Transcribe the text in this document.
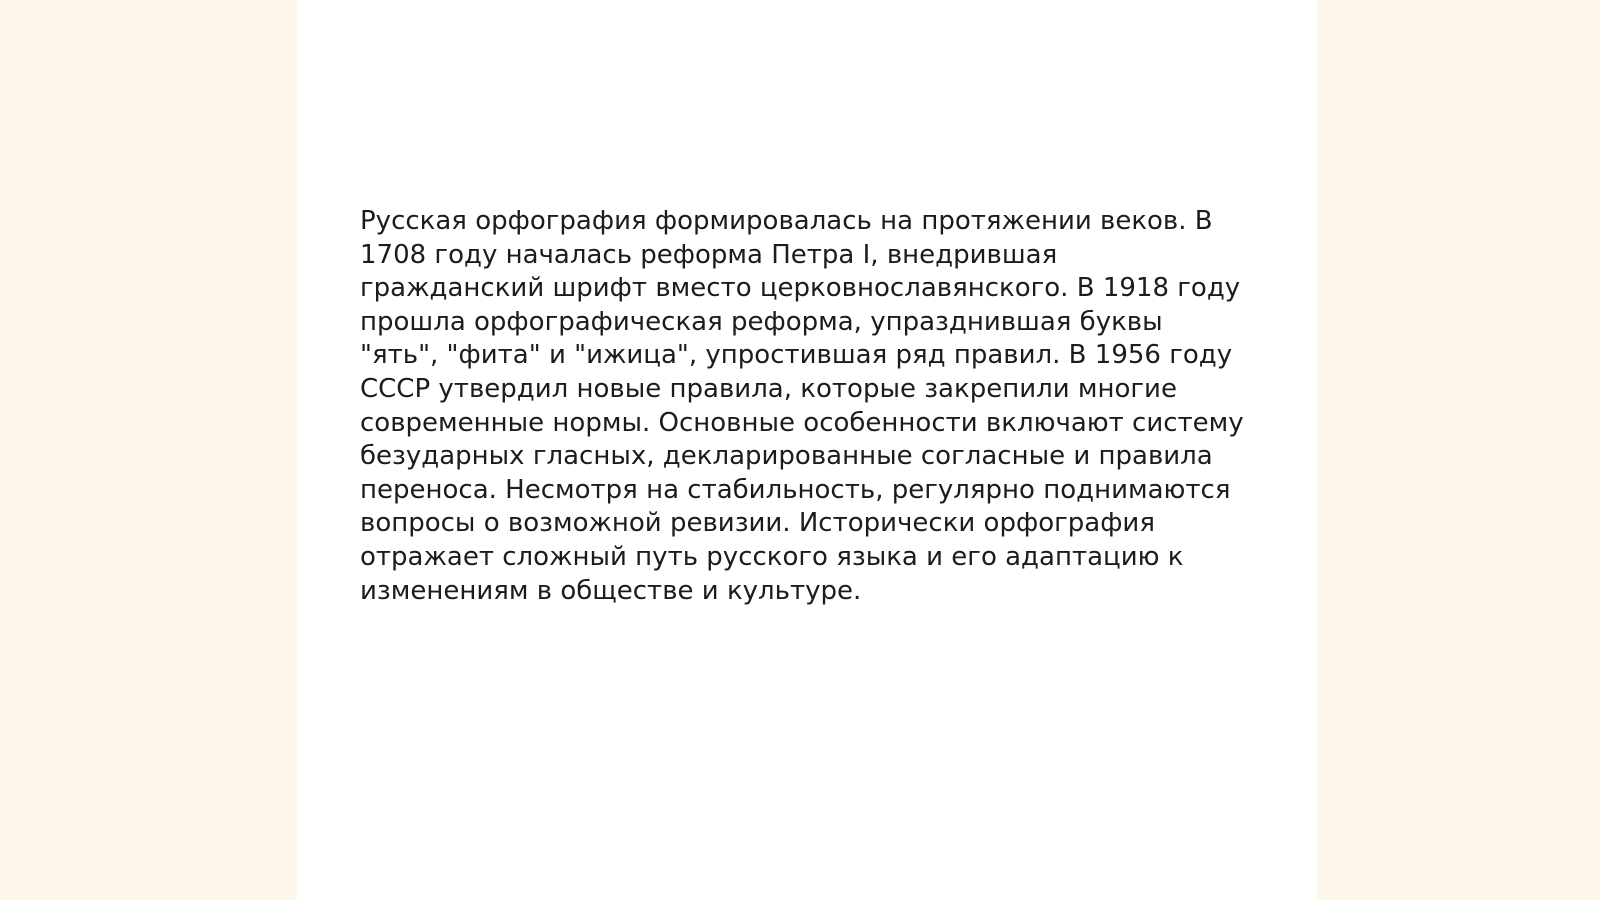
Русская орфография формировалась на протяжении веков. В 1708 году началась реформа Петра I, внедрившая гражданский шрифт вместо церковнославянского. В 1918 году прошла орфографическая реформа, упразднившая буквы "ять", "фита" и "ижица", упростившая ряд правил. В 1956 году СССР утвердил новые правила, которые закрепили многие современные нормы. Основные особенности включают систему безударных гласных, декларированные согласные и правила переноса. Несмотря на стабильность, регулярно поднимаются вопросы о возможной ревизии. Исторически орфография отражает сложный путь русского языка и его адаптацию к изменениям в обществе и культуре.
